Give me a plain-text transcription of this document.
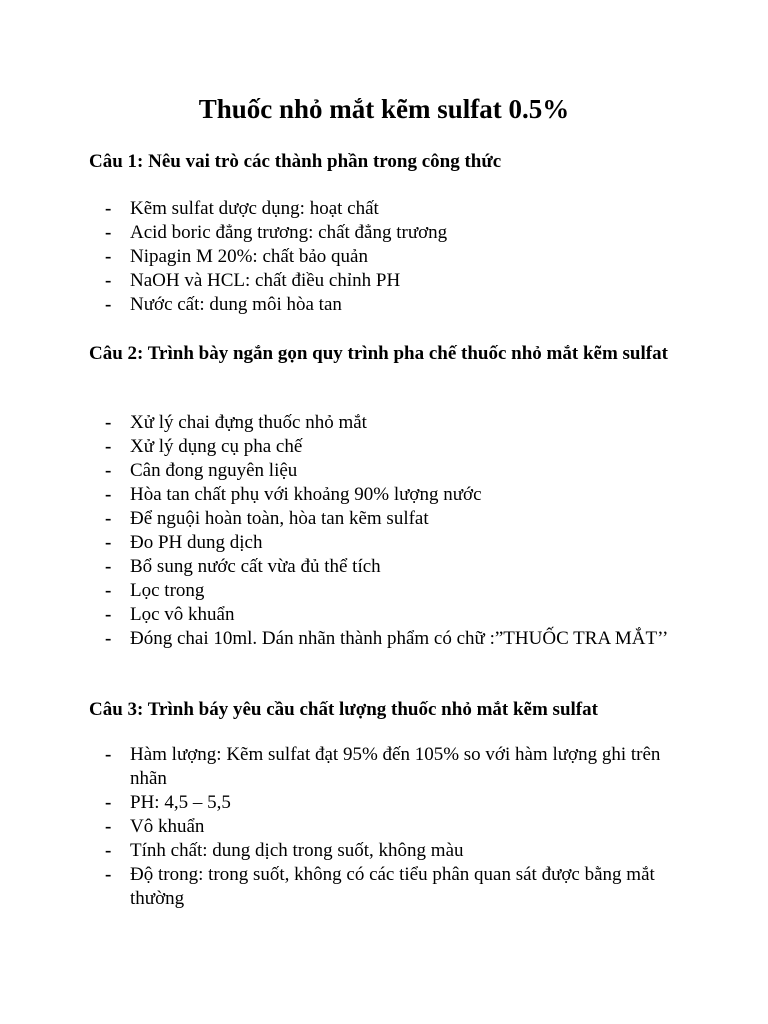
Thuốc nhỏ mắt kẽm sulfat 0.5%
Câu 1: Nêu vai trò các thành phần trong công thức
- Kẽm sulfat dược dụng: hoạt chất
- Acid boric đẳng trương: chất đẳng trương
- Nipagin M 20%: chất bảo quản
- NaOH và HCL: chất điều chỉnh PH
- Nước cất: dung môi hòa tan
Câu 2: Trình bày ngắn gọn quy trình pha chế thuốc nhỏ mắt kẽm sulfat
- Xử lý chai đựng thuốc nhỏ mắt
- Xử lý dụng cụ pha chế
- Cân đong nguyên liệu
- Hòa tan chất phụ với khoảng 90% lượng nước
- Để nguội hoàn toàn, hòa tan kẽm sulfat
- Đo PH dung dịch
- Bổ sung nước cất vừa đủ thể tích
- Lọc trong
- Lọc vô khuẩn
- Đóng chai 10ml. Dán nhãn thành phẩm có chữ :”THUỐC TRA MẮT’’
Câu 3: Trình báy yêu cầu chất lượng thuốc nhỏ mắt kẽm sulfat
- Hàm lượng: Kẽm sulfat đạt 95% đến 105% so với hàm lượng ghi trên nhãn
- PH: 4,5 – 5,5
- Vô khuẩn
- Tính chất: dung dịch trong suốt, không màu
- Độ trong: trong suốt, không có các tiểu phân quan sát được bằng mắt thường
